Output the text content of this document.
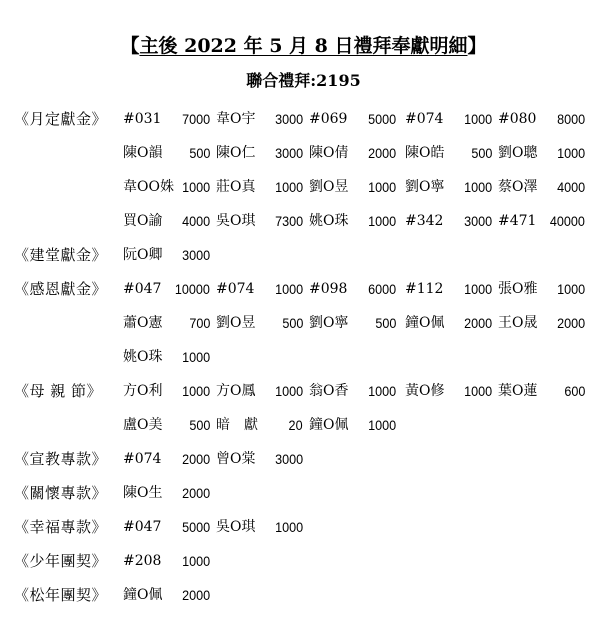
【主後 2022 年 5 月 8 日禮拜奉獻明細】
聯合禮拜:2195
《月定獻金》	#031 7000 韋O宇 3000 #069 5000 #074 1000 #080 8000
陳O韻 500 陳O仁 3000 陳O倩 2000 陳O皓 500 劉O聰 1000
韋OO姝 1000 莊O真 1000 劉O昱 1000 劉O寧 1000 蔡O澤 4000
買O諭 4000 吳O琪 7300 姚O珠 1000 #342 3000 #471 40000
《建堂獻金》	阮O卿 3000
《感恩獻金》	#047 10000 #074 1000 #098 6000 #112 1000 張O雅 1000
蕭O憲 700 劉O昱 500 劉O寧 500 鐘O佩 2000 王O晟 2000
姚O珠 1000
《母 親 節》	方O利 1000 方O鳳 1000 翁O香 1000 黃O修 1000 葉O蓮 600
盧O美 500 暗　獻 20 鐘O佩 1000
《宣教專款》	#074 2000 曾O棠 3000
《關懷專款》	陳O生 2000
《幸福專款》	#047 5000 吳O琪 1000
《少年團契》	#208 1000
《松年團契》	鐘O佩 2000
